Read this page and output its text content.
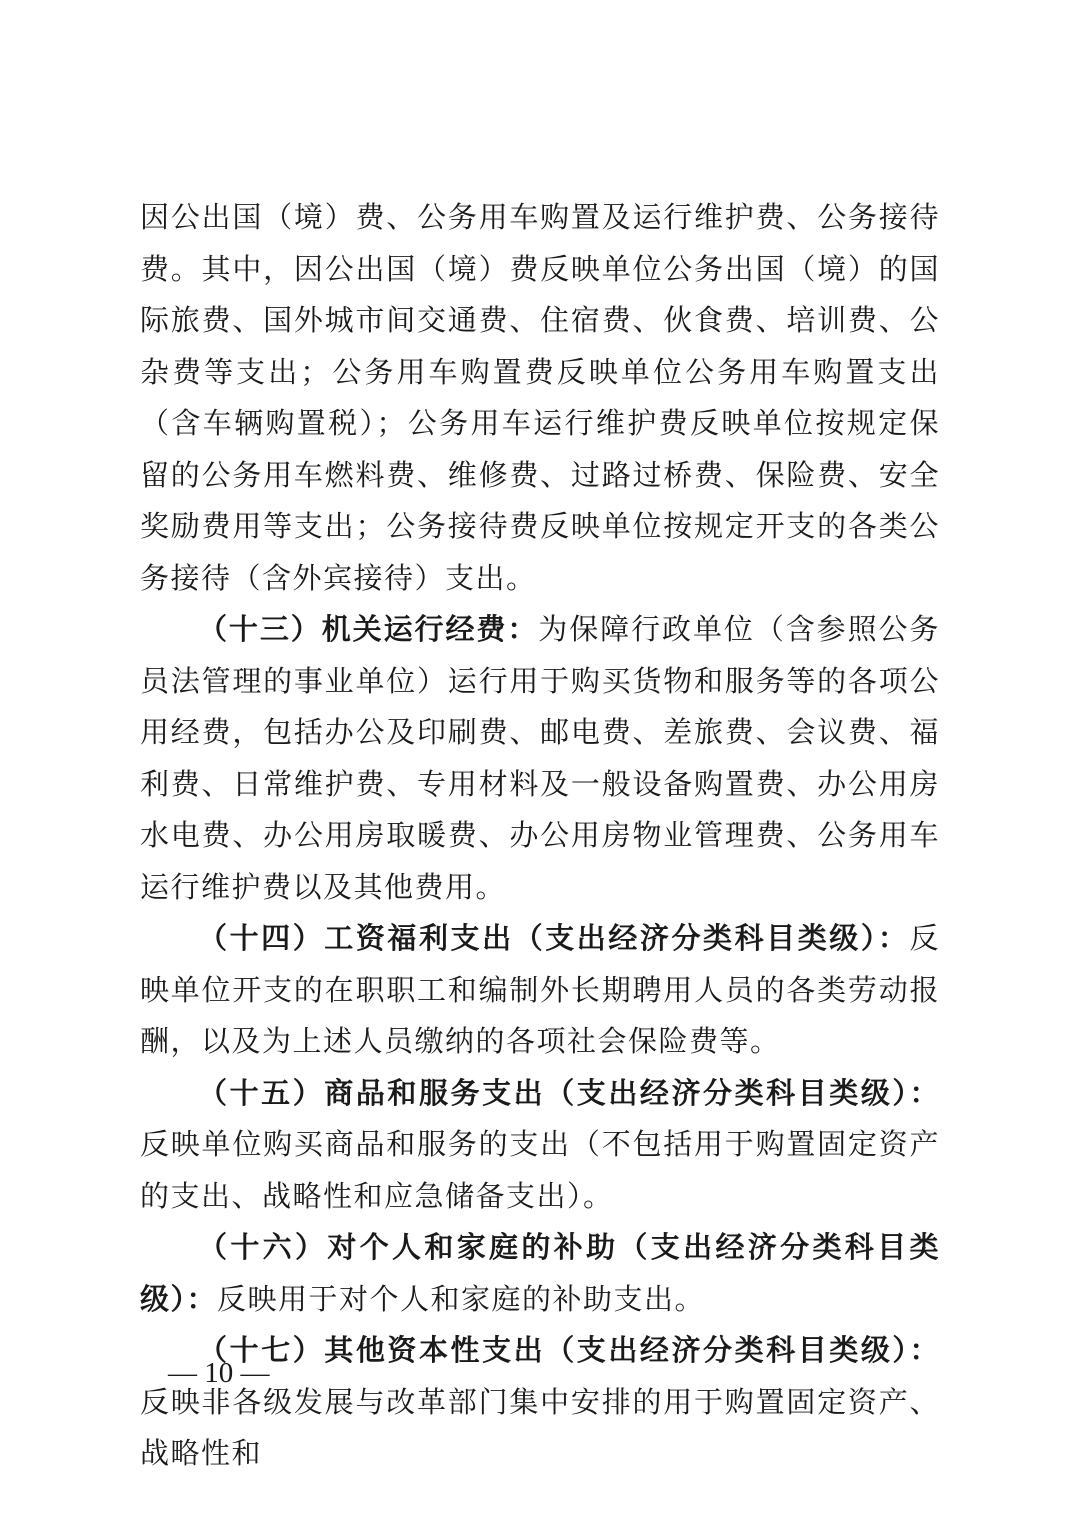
因公出国（境）费、公务用车购置及运行维护费、公务接待费。其中，因公出国（境）费反映单位公务出国（境）的国际旅费、国外城市间交通费、住宿费、伙食费、培训费、公杂费等支出；公务用车购置费反映单位公务用车购置支出（含车辆购置税）；公务用车运行维护费反映单位按规定保留的公务用车燃料费、维修费、过路过桥费、保险费、安全奖励费用等支出；公务接待费反映单位按规定开支的各类公务接待（含外宾接待）支出。

（十三）机关运行经费：为保障行政单位（含参照公务员法管理的事业单位）运行用于购买货物和服务等的各项公用经费，包括办公及印刷费、邮电费、差旅费、会议费、福利费、日常维护费、专用材料及一般设备购置费、办公用房水电费、办公用房取暖费、办公用房物业管理费、公务用车运行维护费以及其他费用。

（十四）工资福利支出（支出经济分类科目类级）：反映单位开支的在职职工和编制外长期聘用人员的各类劳动报酬，以及为上述人员缴纳的各项社会保险费等。

（十五）商品和服务支出（支出经济分类科目类级）：反映单位购买商品和服务的支出（不包括用于购置固定资产的支出、战略性和应急储备支出）。

（十六）对个人和家庭的补助（支出经济分类科目类级）：反映用于对个人和家庭的补助支出。

（十七）其他资本性支出（支出经济分类科目类级）：反映非各级发展与改革部门集中安排的用于购置固定资产、战略性和

— 10 —
